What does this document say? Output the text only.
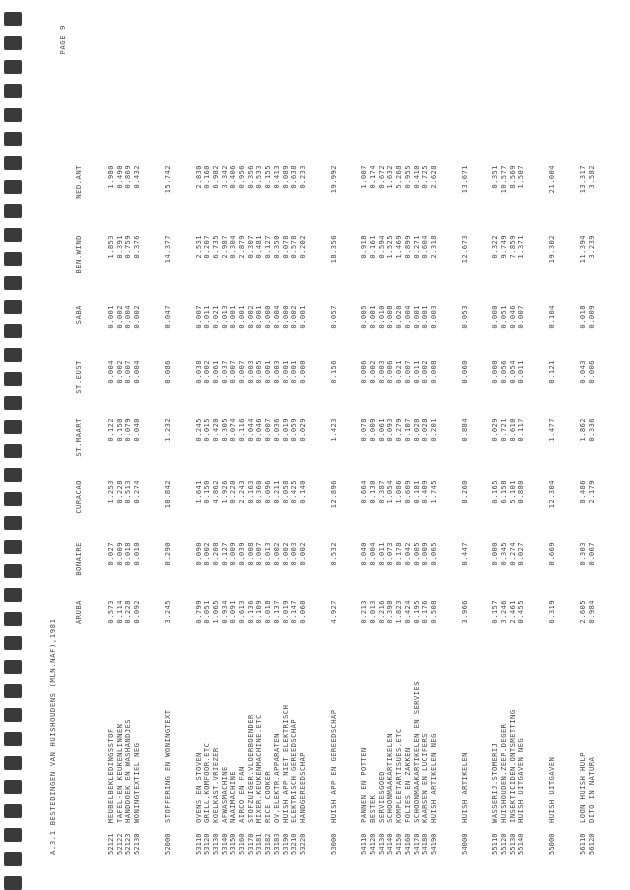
A.3.1 BESTEDINGEN VAN HUISHOUDENS (MLN.NAF),1981
PAGE 9
ARUBA
BONAIRE
CURACAO
ST.MAART
ST.EUST
SABA
BEN.WIND
NED.ANT
52121
MEUBELBEKLEDINGSSTOF
0.573
0.027
1.253
0.122
0.004
0.001
1.853
1.980
52122
TAFEL-EN KEUKENLINNEN
0.114
0.009
0.228
0.150
0.002
0.002
0.391
0.490
52123
HANDDOEK EN WASHANDJES
0.228
0.018
0.513
0.079
0.007
0.004
0.759
0.869
52130
WONINGTEXTIEL NEG
0.092
0.010
0.274
0.040
0.004
0.002
0.376
0.432
52000
STOFFERING EN WONINGTEXT
3.245
0.290
10.842
1.232
0.086
0.047
14.377
15.742
53110
OVENS EN STOVEN
0.799
0.090
1.641
0.245
0.038
0.007
2.531
2.830
53120
GRILL.KOMFOOR.ETC
0.051
0.002
0.150
0.015
0.002
0.011
0.207
0.160
53130
KOELKAST.VRIEZER
1.065
0.208
4.862
0.420
0.061
0.021
6.735
6.982
53140
AFWASMACHINE
0.934
0.127
1.926
0.305
0.037
0.013
2.987
3.342
53150
NAAIMACHINE
0.091
0.009
0.220
0.074
0.007
0.001
0.304
0.406
53160
AIRCO EN FAN
0.613
0.039
2.243
0.116
0.007
0.001
2.879
0.956
53170
STOFZUIGER.VLOERBOENDER
0.136
0.008
0.163
0.044
0.003
0.002
0.307
0.356
53181
MIXER.KEUKENMACHINE.ETC
0.109
0.007
0.360
0.046
0.005
0.001
0.481
0.533
53182
RICE COOKER
0.018
0.013
0.096
0.007
0.001
0.000
0.127
0.155
53183
OV.ELEKTR.APPARATEN
0.137
0.002
0.211
0.036
0.003
0.004
0.350
0.413
53190
HUISH APP NIET ELEKTRISCH
0.019
0.002
0.058
0.019
0.001
0.000
0.078
0.089
53210
ELEKTRISCH GEREEDSCHAP
0.147
0.003
0.425
0.059
0.001
0.002
0.578
0.638
53220
HANDGEREEDSCHAP
0.060
0.002
0.140
0.029
0.000
0.001
0.202
0.233
53000
HUISH APP EN GEREEDSCHAP
4.927
0.532
12.896
1.423
0.156
0.057
18.356
19.992
54110
PANNEN EN POTTEN
0.213
0.040
0.664
0.078
0.006
0.005
0.918
1.007
54120
BESTEK
0.013
0.004
0.130
0.009
0.002
0.001
0.161
0.174
54130
SERVIESGOED
0.216
0.011
0.387
0.061
0.003
0.010
0.594
0.672
54140
SCHOONMAAKARTIKELEN
0.398
0.073
1.054
0.093
0.006
0.008
1.525
1.632
54150
KOMPLEETARTISUES.ETC
1.823
0.178
1.086
0.279
0.021
0.020
1.469
5.268
54160
FOLIES EN ZAKKEN
0.424
0.042
0.609
0.107
0.007
0.004
0.899
0.955
54170
SCHOONMAAKARTIKELEN EN SERVIES
0.195
0.005
0.181
0.028
0.011
0.001
0.271
0.410
54180
KAARSEN EN LUCIFERS
0.176
0.009
0.409
0.028
0.002
0.001
0.604
0.725
54190
HUISH ARTIKELEN NEG
0.508
0.065
1.745
0.201
0.008
0.003
2.318
2.628
54000
HUISH ARTIKELEN
3.966
0.447
8.260
0.884
0.060
0.053
12.673
13.671
55110
WASSERIJ.STOMERIJ
0.157
0.000
0.165
0.029
0.000
0.000
0.322
0.351
55120
HUISHOUDEN.ZEEP.DEGER
3.246
0.345
6.158
0.721
0.056
0.051
9.749
10.577
55130
INSEKTICIDEN.ONTSMETTING
2.461
0.274
5.101
0.610
0.054
0.046
7.859
8.569
55140
HUISH UITGAVEN NEG
0.455
0.027
0.880
0.117
0.011
0.007
1.371
1.507
55000
HUISH UITGAVEN
6.319
0.669
12.304
1.477
0.121
0.104
19.302
21.004
56110
LOON HUISH HULP
2.605
0.303
8.486
1.862
0.043
0.018
11.394
13.317
56120
DITO IN NATURA
0.984
0.067
2.179
0.336
0.006
0.009
3.239
3.582
